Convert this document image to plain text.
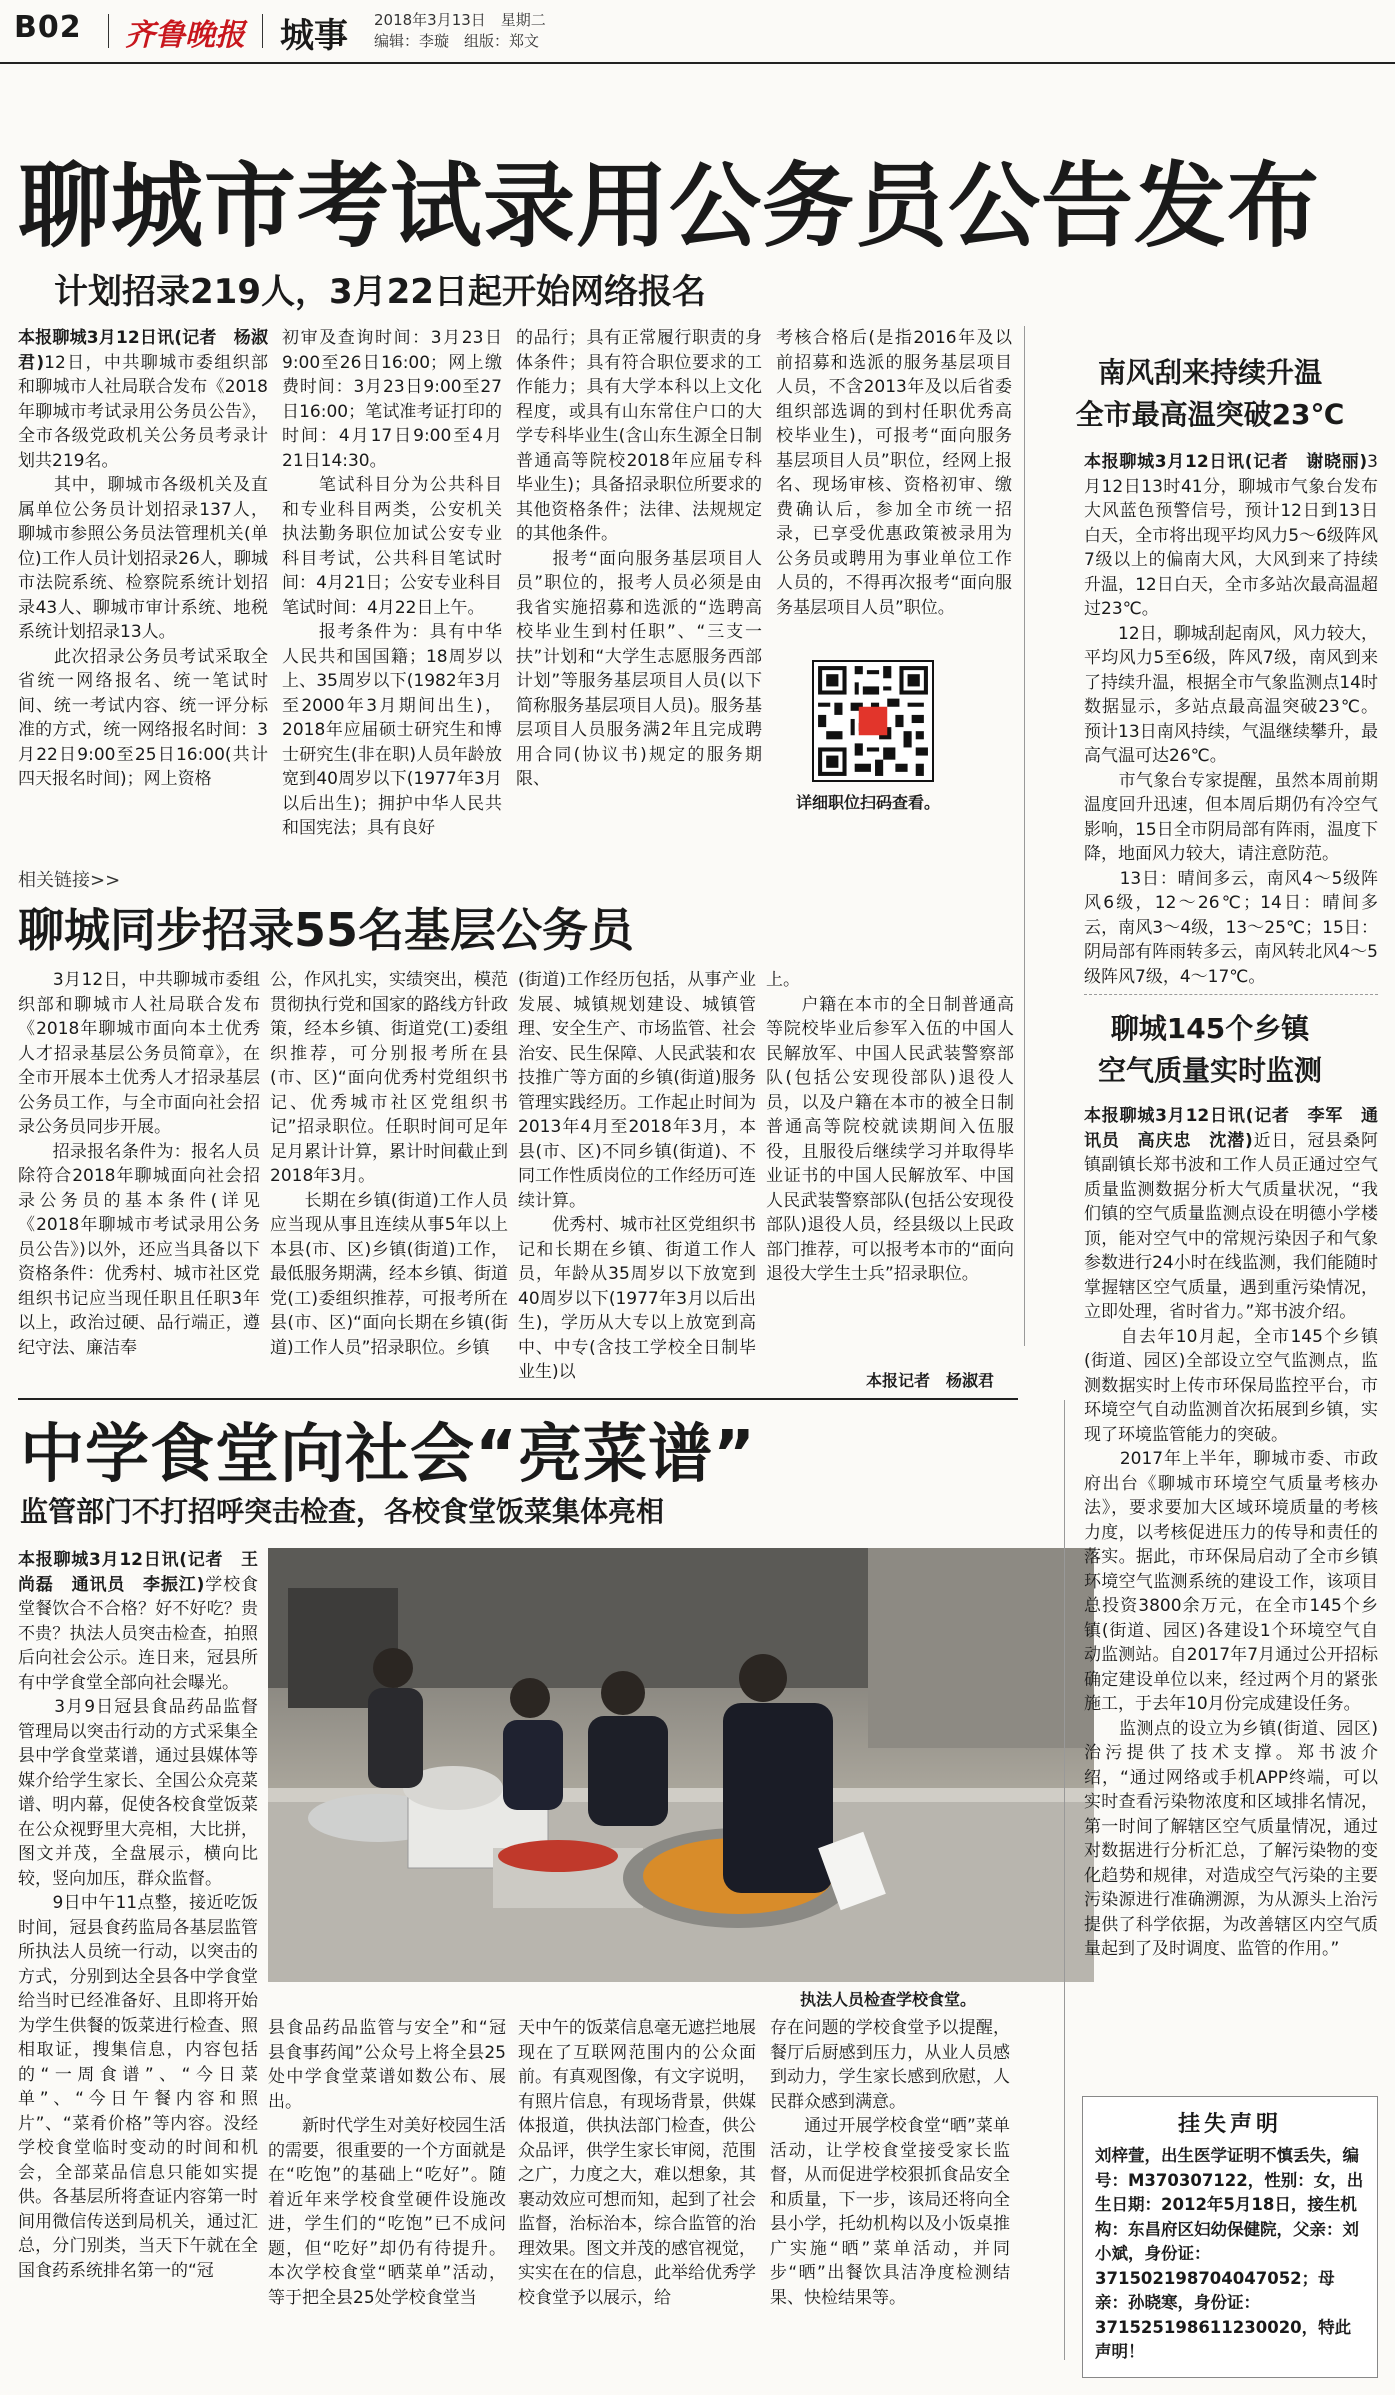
B02 齐鲁晚报 城事 2018年3月13日　星期二
编辑：李璇　组版：郑文
聊城市考试录用公务员公告发布
计划招录219人，3月22日起开始网络报名

本报聊城3月12日讯(记者　杨淑君)12日，中共聊城市委组织部和聊城市人社局联合发布《2018年聊城市考试录用公务员公告》，全市各级党政机关公务员考录计划共219名。
　　其中，聊城市各级机关及直属单位公务员计划招录137人，聊城市参照公务员法管理机关(单位)工作人员计划招录26人，聊城市法院系统、检察院系统计划招录43人、聊城市审计系统、地税系统计划招录13人。
　　此次招录公务员考试采取全省统一网络报名、统一笔试时间、统一考试内容、统一评分标准的方式，统一网络报名时间：3月22日9:00至25日16:00(共计四天报名时间)；网上资格

初审及查询时间：3月23日9:00至26日16:00；网上缴费时间：3月23日9:00至27日16:00；笔试准考证打印的时间：4月17日9:00至4月21日14:30。
　　笔试科目分为公共科目和专业科目两类，公安机关执法勤务职位加试公安专业科目考试，公共科目笔试时间：4月21日；公安专业科目笔试时间：4月22日上午。
　　报考条件为：具有中华人民共和国国籍；18周岁以上、35周岁以下(1982年3月至2000年3月期间出生)，2018年应届硕士研究生和博士研究生(非在职)人员年龄放宽到40周岁以下(1977年3月以后出生)；拥护中华人民共和国宪法；具有良好

的品行；具有正常履行职责的身体条件；具有符合职位要求的工作能力；具有大学本科以上文化程度，或具有山东常住户口的大学专科毕业生(含山东生源全日制普通高等院校2018年应届专科毕业生)；具备招录职位所要求的其他资格条件；法律、法规规定的其他条件。
　　报考“面向服务基层项目人员”职位的，报考人员必须是由我省实施招募和选派的“选聘高校毕业生到村任职”、“三支一扶”计划和“大学生志愿服务西部计划”等服务基层项目人员(以下简称服务基层项目人员)。服务基层项目人员服务满2年且完成聘用合同(协议书)规定的服务期限、

考核合格后(是指2016年及以前招募和选派的服务基层项目人员，不含2013年及以后省委组织部选调的到村任职优秀高校毕业生)，可报考“面向服务基层项目人员”职位，经网上报名、现场审核、资格初审、缴费确认后，参加全市统一招录，已享受优惠政策被录用为公务员或聘用为事业单位工作人员的，不得再次报考“面向服务基层项目人员”职位。

详细职位扫码查看。
相关链接>>
聊城同步招录55名基层公务员

　　3月12日，中共聊城市委组织部和聊城市人社局联合发布《2018年聊城市面向本土优秀人才招录基层公务员简章》，在全市开展本土优秀人才招录基层公务员工作，与全市面向社会招录公务员同步开展。
　　招录报名条件为：报名人员除符合2018年聊城面向社会招录公务员的基本条件(详见《2018年聊城市考试录用公务员公告》)以外，还应当具备以下资格条件：优秀村、城市社区党组织书记应当现任职且任职3年以上，政治过硬、品行端正，遵纪守法、廉洁奉

公，作风扎实，实绩突出，模范贯彻执行党和国家的路线方针政策，经本乡镇、街道党(工)委组织推荐，可分别报考所在县(市、区)“面向优秀村党组织书记、优秀城市社区党组织书记”招录职位。任职时间可足年足月累计计算，累计时间截止到2018年3月。
　　长期在乡镇(街道)工作人员应当现从事且连续从事5年以上本县(市、区)乡镇(街道)工作，最低服务期满，经本乡镇、街道党(工)委组织推荐，可报考所在县(市、区)“面向长期在乡镇(街道)工作人员”招录职位。乡镇

(街道)工作经历包括，从事产业发展、城镇规划建设、城镇管理、安全生产、市场监管、社会治安、民生保障、人民武装和农技推广等方面的乡镇(街道)服务管理实践经历。工作起止时间为2013年4月至2018年3月，本县(市、区)不同乡镇(街道)、不同工作性质岗位的工作经历可连续计算。
　　优秀村、城市社区党组织书记和长期在乡镇、街道工作人员，年龄从35周岁以下放宽到40周岁以下(1977年3月以后出生)，学历从大专以上放宽到高中、中专(含技工学校全日制毕业生)以

上。
　　户籍在本市的全日制普通高等院校毕业后参军入伍的中国人民解放军、中国人民武装警察部队(包括公安现役部队)退役人员，以及户籍在本市的被全日制普通高等院校就读期间入伍服役，且服役后继续学习并取得毕业证书的中国人民解放军、中国人民武装警察部队(包括公安现役部队)退役人员，经县级以上民政部门推荐，可以报考本市的“面向退役大学生士兵”招录职位。

本报记者　杨淑君
中学食堂向社会“亮菜谱”
监管部门不打招呼突击检查，各校食堂饭菜集体亮相

本报聊城3月12日讯(记者　王尚磊　通讯员　李振江)学校食堂餐饮合不合格？好不好吃？贵不贵？执法人员突击检查，拍照后向社会公示。连日来，冠县所有中学食堂全部向社会曝光。
　　3月9日冠县食品药品监督管理局以突击行动的方式采集全县中学食堂菜谱，通过县媒体等媒介给学生家长、全国公众亮菜谱、明内幕，促使各校食堂饭菜在公众视野里大亮相，大比拼，图文并茂，全盘展示，横向比较，竖向加压，群众监督。
　　9日中午11点整，接近吃饭时间，冠县食药监局各基层监管所执法人员统一行动，以突击的方式，分别到达全县各中学食堂给当时已经准备好、且即将开始为学生供餐的饭菜进行检查、照相取证，搜集信息，内容包括的“一周食谱”、“今日菜单”、“今日午餐内容和照片”、“菜肴价格”等内容。没经学校食堂临时变动的时间和机会，全部菜品信息只能如实提供。各基层所将查证内容第一时间用微信传送到局机关，通过汇总，分门别类，当天下午就在全国食药系统排名第一的“冠

执法人员检查学校食堂。

县食品药品监管与安全”和“冠县食事药闻”公众号上将全县25处中学食堂菜谱如数公布、展出。
　　新时代学生对美好校园生活的需要，很重要的一个方面就是在“吃饱”的基础上“吃好”。随着近年来学校食堂硬件设施改进，学生们的“吃饱”已不成问题，但“吃好”却仍有待提升。本次学校食堂“晒菜单”活动，等于把全县25处学校食堂当

天中午的饭菜信息毫无遮拦地展现在了互联网范围内的公众面前。有真观图像，有文字说明，有照片信息，有现场背景，供媒体报道，供执法部门检查，供公众品评，供学生家长审阅，范围之广，力度之大，难以想象，其裹动效应可想而知，起到了社会监督，治标治本，综合监管的治理效果。图文并茂的感官视觉，实实在在的信息，此举给优秀学校食堂予以展示，给

存在问题的学校食堂予以提醒，餐厅后厨感到压力，从业人员感到动力，学生家长感到欣慰，人民群众感到满意。
　　通过开展学校食堂“晒”菜单活动，让学校食堂接受家长监督，从而促进学校狠抓食品安全和质量，下一步，该局还将向全县小学，托幼机构以及小饭桌推广实施“晒”菜单活动，并同步“晒”出餐饮具洁净度检测结果、快检结果等。

南风刮来持续升温
全市最高温突破23℃

本报聊城3月12日讯(记者　谢晓丽)3月12日13时41分，聊城市气象台发布大风蓝色预警信号，预计12日到13日白天，全市将出现平均风力5～6级阵风7级以上的偏南大风，大风到来了持续升温，12日白天，全市多站次最高温超过23℃。
　　12日，聊城刮起南风，风力较大，平均风力5至6级，阵风7级，南风到来了持续升温，根据全市气象监测点14时数据显示，多站点最高温突破23℃。预计13日南风持续，气温继续攀升，最高气温可达26℃。
　　市气象台专家提醒，虽然本周前期温度回升迅速，但本周后期仍有冷空气影响，15日全市阴局部有阵雨，温度下降，地面风力较大，请注意防范。
　　13日：晴间多云，南风4～5级阵风6级，12～26℃；14日：晴间多云，南风3～4级，13～25℃；15日：阴局部有阵雨转多云，南风转北风4～5级阵风7级，4～17℃。

聊城145个乡镇
空气质量实时监测

本报聊城3月12日讯(记者　李军　通讯员　高庆忠　沈潜)近日，冠县桑阿镇副镇长郑书波和工作人员正通过空气质量监测数据分析大气质量状况，“我们镇的空气质量监测点设在明德小学楼顶，能对空气中的常规污染因子和气象参数进行24小时在线监测，我们能随时掌握辖区空气质量，遇到重污染情况，立即处理，省时省力。”郑书波介绍。
　　自去年10月起，全市145个乡镇(街道、园区)全部设立空气监测点，监测数据实时上传市环保局监控平台，市环境空气自动监测首次拓展到乡镇，实现了环境监管能力的突破。
　　2017年上半年，聊城市委、市政府出台《聊城市环境空气质量考核办法》，要求要加大区域环境质量的考核力度，以考核促进压力的传导和责任的落实。据此，市环保局启动了全市乡镇环境空气监测系统的建设工作，该项目总投资3800余万元，在全市145个乡镇(街道、园区)各建设1个环境空气自动监测站。自2017年7月通过公开招标确定建设单位以来，经过两个月的紧张施工，于去年10月份完成建设任务。
　　监测点的设立为乡镇(街道、园区)治污提供了技术支撑。郑书波介绍，“通过网络或手机APP终端，可以实时查看污染物浓度和区域排名情况，第一时间了解辖区空气质量情况，通过对数据进行分析汇总，了解污染物的变化趋势和规律，对造成空气污染的主要污染源进行准确溯源，为从源头上治污提供了科学依据，为改善辖区内空气质量起到了及时调度、监管的作用。”

挂失声明
刘梓萱，出生医学证明不慎丢失，编号：M370307122，性别：女，出生日期：2012年5月18日，接生机构：东昌府区妇幼保健院，父亲：刘小斌，身份证：371502198704047052；母亲：孙晓寒，身份证：371525198611230020，特此声明！
